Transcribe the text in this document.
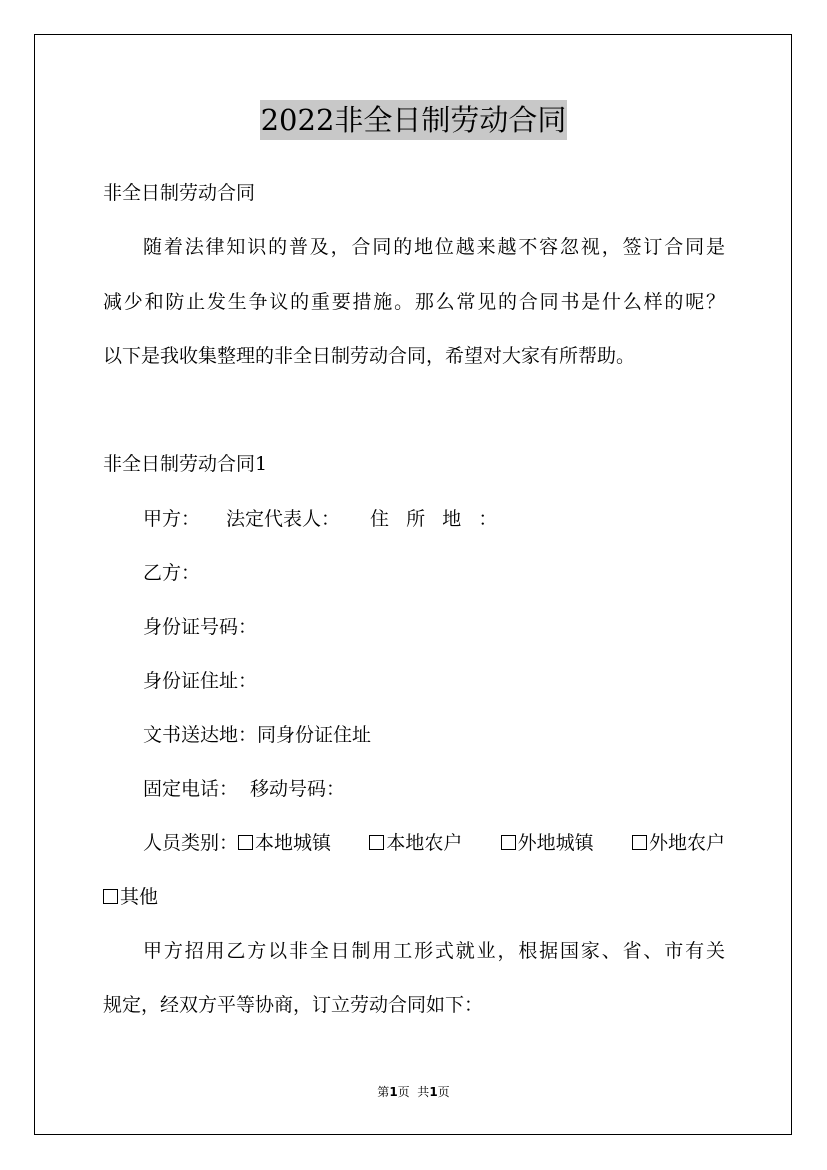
2022非全日制劳动合同
非全日制劳动合同
随着法律知识的普及，合同的地位越来越不容忽视，签订合同是
减少和防止发生争议的重要措施。那么常见的合同书是什么样的呢？
以下是我收集整理的非全日制劳动合同，希望对大家有所帮助。
非全日制劳动合同1
甲方： 法定代表人： 住所地：
乙方：
身份证号码：
身份证住址：
文书送达地：同身份证住址
固定电话： 移动号码：
人员类别： 本地城镇	本地农户	外地城镇	外地农户
其他
甲方招用乙方以非全日制用工形式就业，根据国家、省、市有关
规定，经双方平等协商，订立劳动合同如下：
第1页  共1页
